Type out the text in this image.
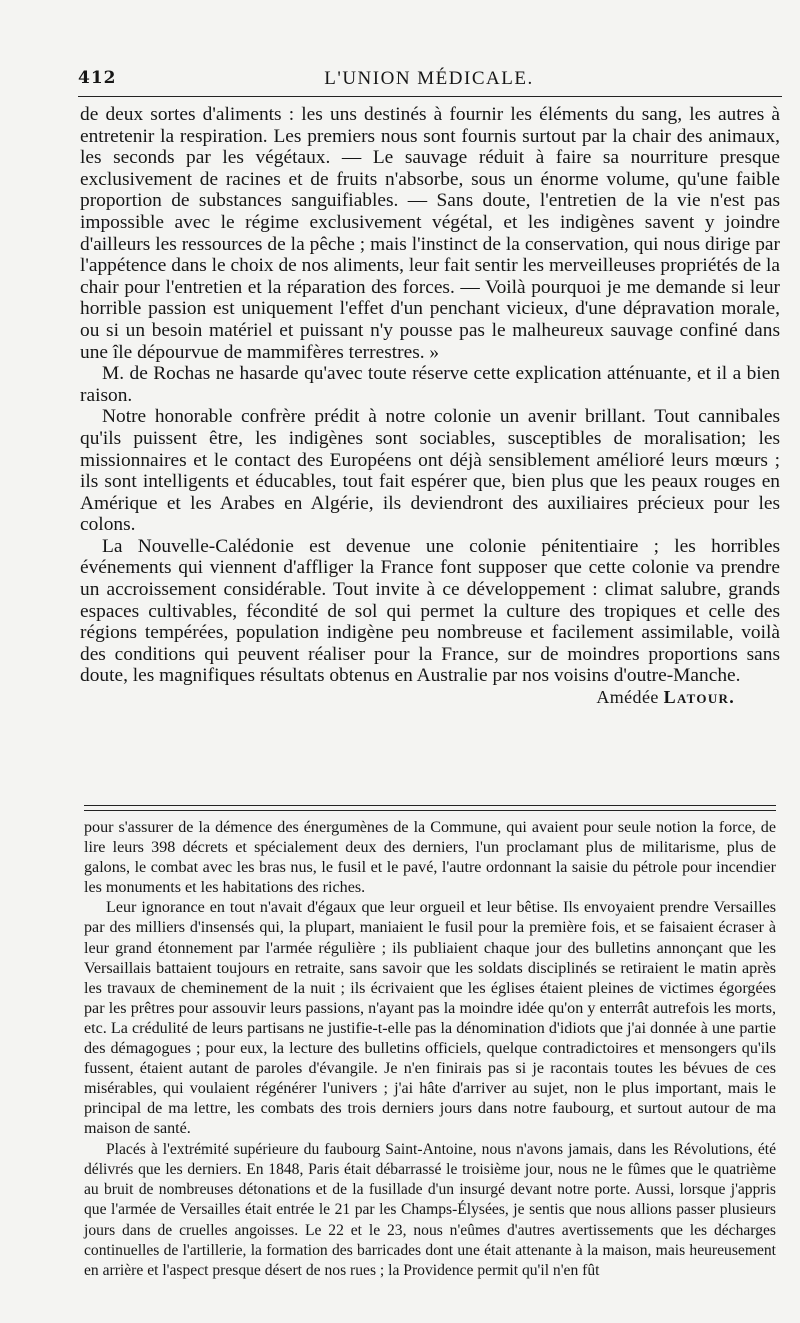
412	L'UNION MÉDICALE.

de deux sortes d'aliments : les uns destinés à fournir les éléments du sang, les autres à entretenir la respiration. Les premiers nous sont fournis surtout par la chair des animaux, les seconds par les végétaux. — Le sauvage réduit à faire sa nourriture presque exclusivement de racines et de fruits n'absorbe, sous un énorme volume, qu'une faible proportion de substances sanguifiables. — Sans doute, l'entretien de la vie n'est pas impossible avec le régime exclusivement végétal, et les indigènes savent y joindre d'ailleurs les ressources de la pêche ; mais l'instinct de la conservation, qui nous dirige par l'appétence dans le choix de nos aliments, leur fait sentir les merveilleuses propriétés de la chair pour l'entretien et la réparation des forces. — Voilà pourquoi je me demande si leur horrible passion est uniquement l'effet d'un penchant vicieux, d'une dépravation morale, ou si un besoin matériel et puissant n'y pousse pas le malheureux sauvage confiné dans une île dépourvue de mammifères terrestres. »

M. de Rochas ne hasarde qu'avec toute réserve cette explication atténuante, et il a bien raison.

Notre honorable confrère prédit à notre colonie un avenir brillant. Tout cannibales qu'ils puissent être, les indigènes sont sociables, susceptibles de moralisation; les missionnaires et le contact des Européens ont déjà sensiblement amélioré leurs mœurs ; ils sont intelligents et éducables, tout fait espérer que, bien plus que les peaux rouges en Amérique et les Arabes en Algérie, ils deviendront des auxiliaires précieux pour les colons.

La Nouvelle-Calédonie est devenue une colonie pénitentiaire ; les horribles événements qui viennent d'affliger la France font supposer que cette colonie va prendre un accroissement considérable. Tout invite à ce développement : climat salubre, grands espaces cultivables, fécondité de sol qui permet la culture des tropiques et celle des régions tempérées, population indigène peu nombreuse et facilement assimilable, voilà des conditions qui peuvent réaliser pour la France, sur de moindres proportions sans doute, les magnifiques résultats obtenus en Australie par nos voisins d'outre-Manche.

Amédée Latour.

pour s'assurer de la démence des énergumènes de la Commune, qui avaient pour seule notion la force, de lire leurs 398 décrets et spécialement deux des derniers, l'un proclamant plus de militarisme, plus de galons, le combat avec les bras nus, le fusil et le pavé, l'autre ordonnant la saisie du pétrole pour incendier les monuments et les habitations des riches.

Leur ignorance en tout n'avait d'égaux que leur orgueil et leur bêtise. Ils envoyaient prendre Versailles par des milliers d'insensés qui, la plupart, maniaient le fusil pour la première fois, et se faisaient écraser à leur grand étonnement par l'armée régulière ; ils publiaient chaque jour des bulletins annonçant que les Versaillais battaient toujours en retraite, sans savoir que les soldats disciplinés se retiraient le matin après les travaux de cheminement de la nuit ; ils écrivaient que les églises étaient pleines de victimes égorgées par les prêtres pour assouvir leurs passions, n'ayant pas la moindre idée qu'on y enterrât autrefois les morts, etc. La crédulité de leurs partisans ne justifie-t-elle pas la dénomination d'idiots que j'ai donnée à une partie des démagogues ; pour eux, la lecture des bulletins officiels, quelque contradictoires et mensongers qu'ils fussent, étaient autant de paroles d'évangile. Je n'en finirais pas si je racontais toutes les bévues de ces misérables, qui voulaient régénérer l'univers ; j'ai hâte d'arriver au sujet, non le plus important, mais le principal de ma lettre, les combats des trois derniers jours dans notre faubourg, et surtout autour de ma maison de santé.

Placés à l'extrémité supérieure du faubourg Saint-Antoine, nous n'avons jamais, dans les Révolutions, été délivrés que les derniers. En 1848, Paris était débarrassé le troisième jour, nous ne le fûmes que le quatrième au bruit de nombreuses détonations et de la fusillade d'un insurgé devant notre porte. Aussi, lorsque j'appris que l'armée de Versailles était entrée le 21 par les Champs-Élysées, je sentis que nous allions passer plusieurs jours dans de cruelles angoisses. Le 22 et le 23, nous n'eûmes d'autres avertissements que les décharges continuelles de l'artillerie, la formation des barricades dont une était attenante à la maison, mais heureusement en arrière et l'aspect presque désert de nos rues ; la Providence permit qu'il n'en fût
